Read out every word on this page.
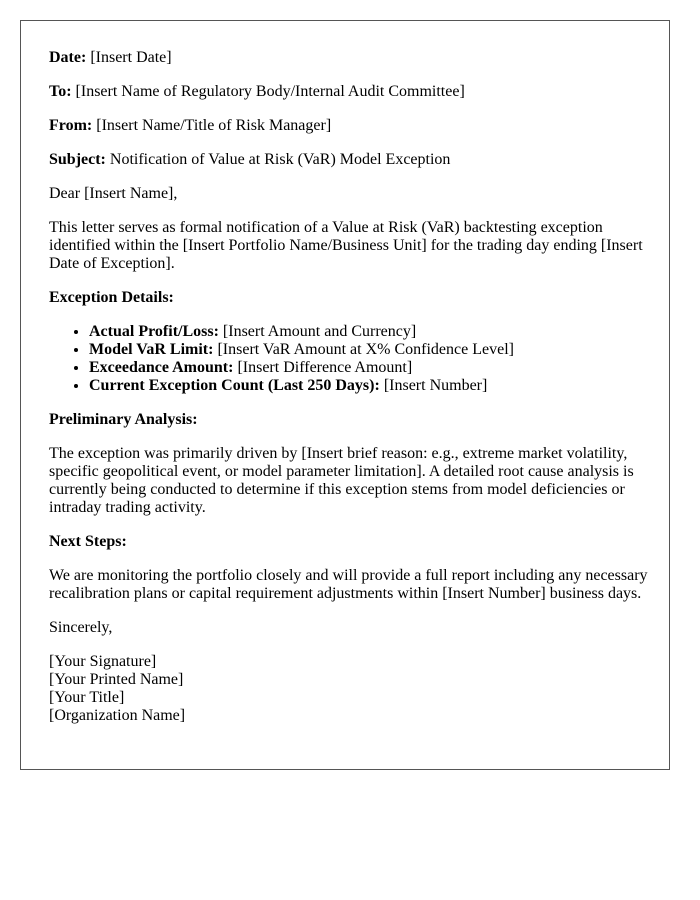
Date: [Insert Date]

To: [Insert Name of Regulatory Body/Internal Audit Committee]

From: [Insert Name/Title of Risk Manager]

Subject: Notification of Value at Risk (VaR) Model Exception

Dear [Insert Name],

This letter serves as formal notification of a Value at Risk (VaR) backtesting exception identified within the [Insert Portfolio Name/Business Unit] for the trading day ending [Insert Date of Exception].

Exception Details:

• Actual Profit/Loss: [Insert Amount and Currency]
• Model VaR Limit: [Insert VaR Amount at X% Confidence Level]
• Exceedance Amount: [Insert Difference Amount]
• Current Exception Count (Last 250 Days): [Insert Number]

Preliminary Analysis:

The exception was primarily driven by [Insert brief reason: e.g., extreme market volatility, specific geopolitical event, or model parameter limitation]. A detailed root cause analysis is currently being conducted to determine if this exception stems from model deficiencies or intraday trading activity.

Next Steps:

We are monitoring the portfolio closely and will provide a full report including any necessary recalibration plans or capital requirement adjustments within [Insert Number] business days.

Sincerely,

[Your Signature]
[Your Printed Name]
[Your Title]
[Organization Name]
